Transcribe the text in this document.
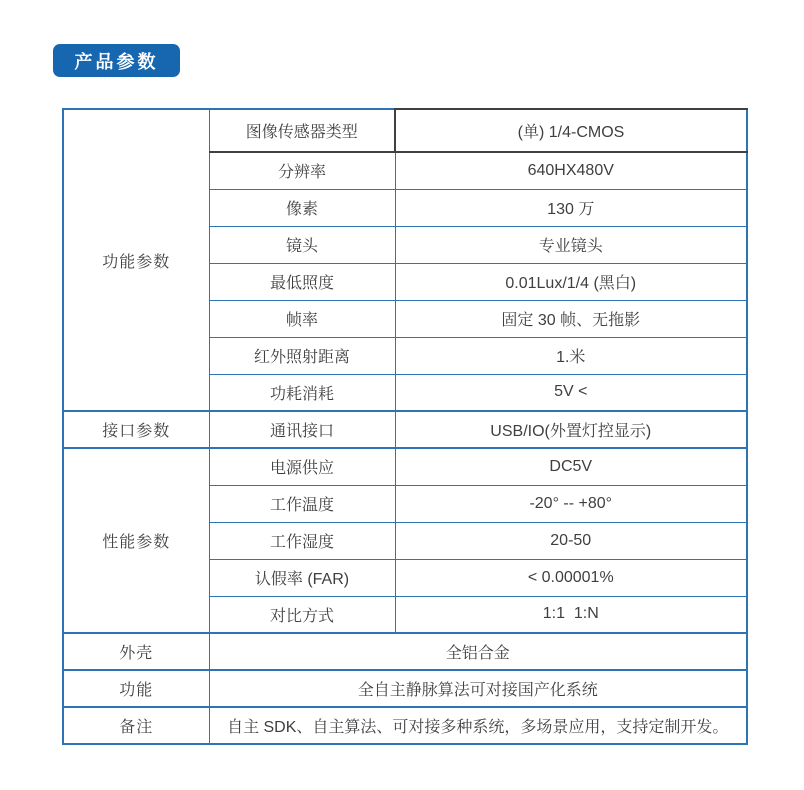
产品参数
功能参数	图像传感器类型	(单) 1/4-CMOS
	分辨率	640HX480V
	像素	130 万
	镜头	专业镜头
	最低照度	0.01Lux/1/4 (黑白)
	帧率	固定 30 帧、无拖影
	红外照射距离	1.米
	功耗消耗	5V <
接口参数	通讯接口	USB/IO(外置灯控显示)
性能参数	电源供应	DC5V
	工作温度	-20° -- +80°
	工作湿度	20-50
	认假率 (FAR)	< 0.00001%
	对比方式	1:1  1:N
外壳	全铝合金	
功能	全自主静脉算法可对接国产化系统	
备注	自主 SDK、自主算法、可对接多种系统，多场景应用，支持定制开发。	
